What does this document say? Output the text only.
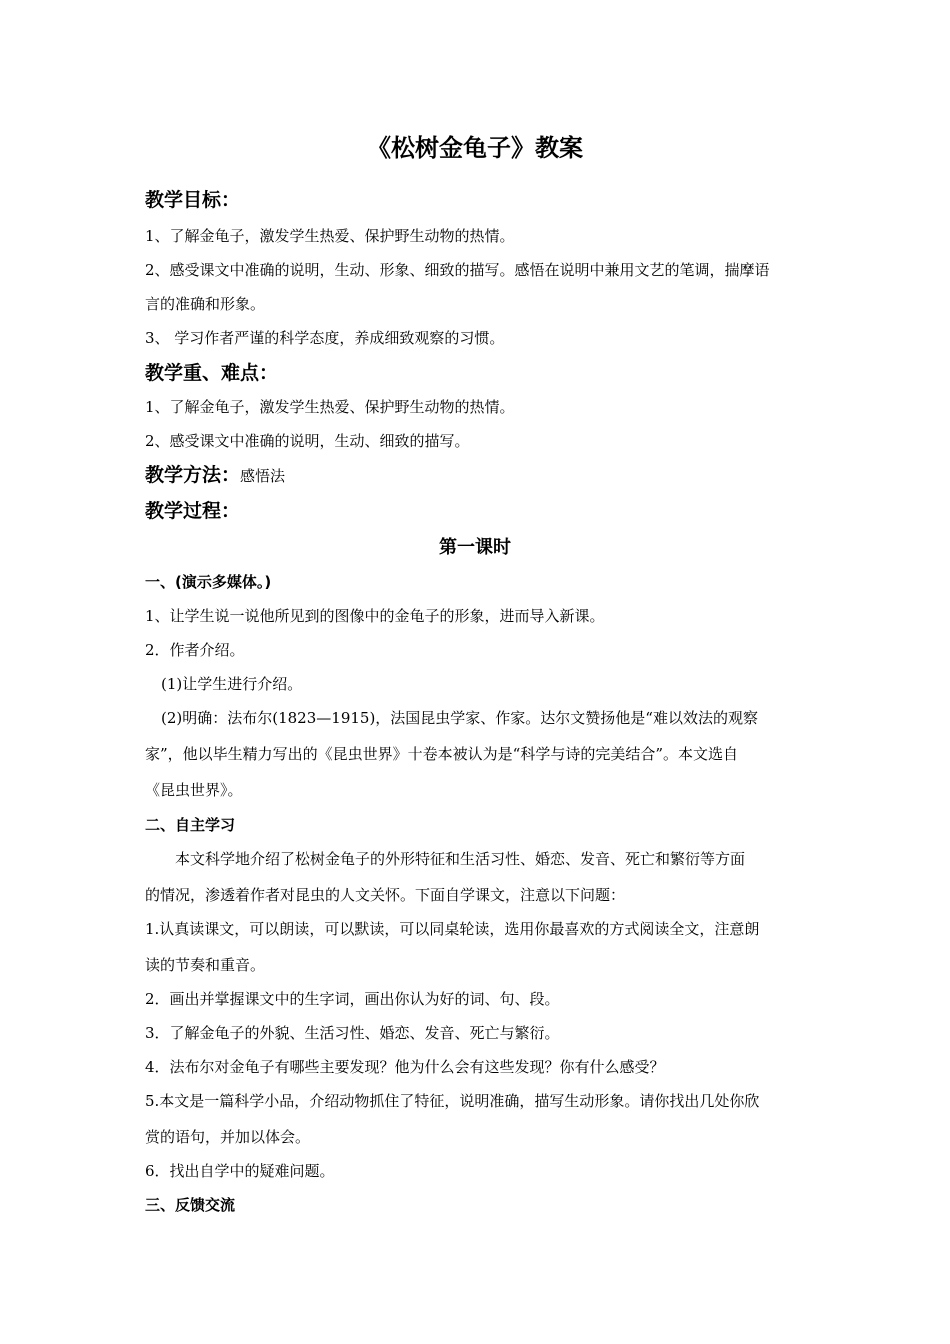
《松树金龟子》教案
教学目标：
1、了解金龟子，激发学生热爱、保护野生动物的热情。
2、感受课文中准确的说明，生动、形象、细致的描写。感悟在说明中兼用文艺的笔调，揣摩语
言的准确和形象。
3、 学习作者严谨的科学态度，养成细致观察的习惯。
教学重、难点：
1、了解金龟子，激发学生热爱、保护野生动物的热情。
2、感受课文中准确的说明，生动、细致的描写。
教学方法：感悟法
教学过程：
第一课时
一、(演示多媒体。)
1、让学生说一说他所见到的图像中的金龟子的形象，进而导入新课。
2．作者介绍。
(1)让学生进行介绍。
(2)明确：法布尔(1823—1915)，法国昆虫学家、作家。达尔文赞扬他是“难以效法的观察
家”，他以毕生精力写出的《昆虫世界》十卷本被认为是“科学与诗的完美结合”。本文选自
《昆虫世界》。
二、自主学习
本文科学地介绍了松树金龟子的外形特征和生活习性、婚恋、发音、死亡和繁衍等方面
的情况，渗透着作者对昆虫的人文关怀。下面自学课文，注意以下问题：
1.认真读课文，可以朗读，可以默读，可以同桌轮读，选用你最喜欢的方式阅读全文，注意朗
读的节奏和重音。
2．画出并掌握课文中的生字词，画出你认为好的词、句、段。
3．了解金龟子的外貌、生活习性、婚恋、发音、死亡与繁衍。
4．法布尔对金龟子有哪些主要发现？他为什么会有这些发现？你有什么感受？
5.本文是一篇科学小品，介绍动物抓住了特征，说明准确，描写生动形象。请你找出几处你欣
赏的语句，并加以体会。
6．找出自学中的疑难问题。
三、反馈交流
